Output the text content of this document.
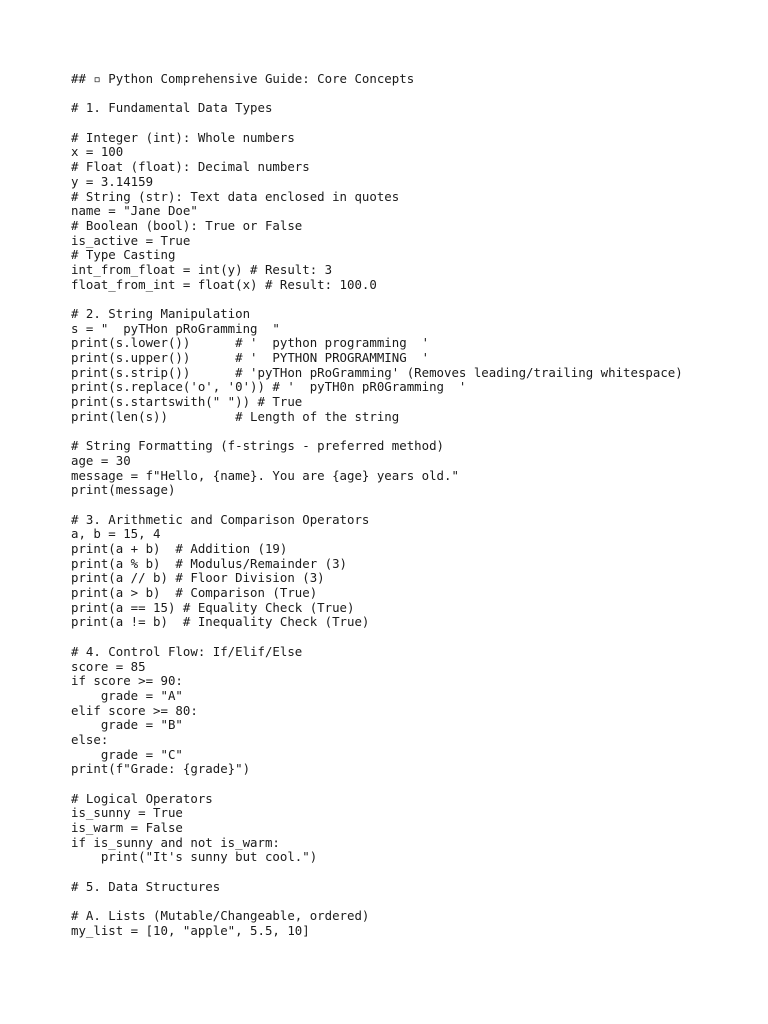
## ▫ Python Comprehensive Guide: Core Concepts
# 1. Fundamental Data Types
# Integer (int): Whole numbers
x = 100
# Float (float): Decimal numbers
y = 3.14159
# String (str): Text data enclosed in quotes
name = "Jane Doe"
# Boolean (bool): True or False
is_active = True
# Type Casting
int_from_float = int(y) # Result: 3
float_from_int = float(x) # Result: 100.0
# 2. String Manipulation
s = "  pyTHon pRoGramming  "
print(s.lower())      # '  python programming  '
print(s.upper())      # '  PYTHON PROGRAMMING  '
print(s.strip())      # 'pyTHon pRoGramming' (Removes leading/trailing whitespace)
print(s.replace('o', '0')) # '  pyTH0n pR0Gramming  '
print(s.startswith(" ")) # True
print(len(s))         # Length of the string
# String Formatting (f-strings - preferred method)
age = 30
message = f"Hello, {name}. You are {age} years old."
print(message)
# 3. Arithmetic and Comparison Operators
a, b = 15, 4
print(a + b)  # Addition (19)
print(a % b)  # Modulus/Remainder (3)
print(a // b) # Floor Division (3)
print(a > b)  # Comparison (True)
print(a == 15) # Equality Check (True)
print(a != b)  # Inequality Check (True)
# 4. Control Flow: If/Elif/Else
score = 85
if score >= 90:
grade = "A"
elif score >= 80:
grade = "B"
else:
grade = "C"
print(f"Grade: {grade}")
# Logical Operators
is_sunny = True
is_warm = False
if is_sunny and not is_warm:
print("It's sunny but cool.")
# 5. Data Structures
# A. Lists (Mutable/Changeable, ordered)
my_list = [10, "apple", 5.5, 10]
